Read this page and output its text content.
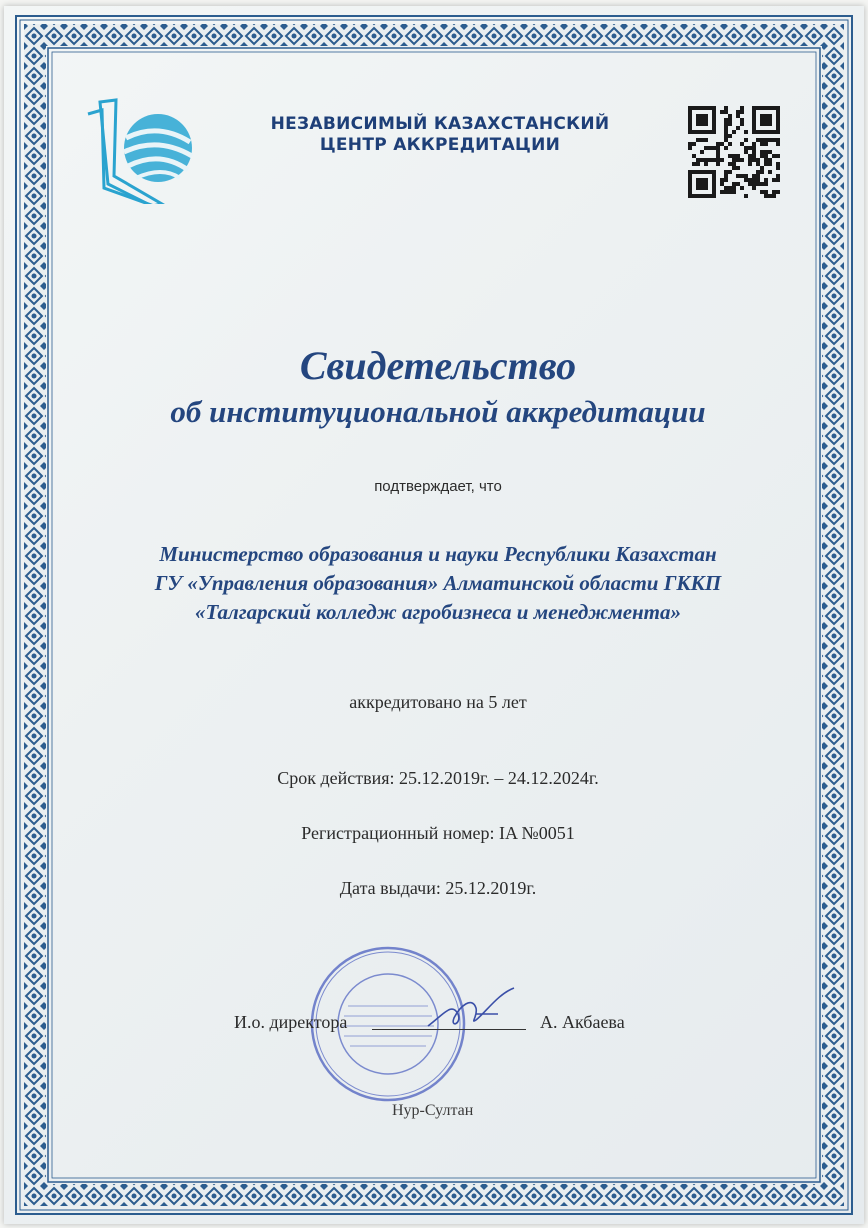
НЕЗАВИСИМЫЙ КАЗАХСТАНСКИЙ
ЦЕНТР АККРЕДИТАЦИИ
Свидетельство
об институциональной аккредитации
подтверждает, что
Министерство образования и науки Республики Казахстан
ГУ «Управления образования» Алматинской области ГККП
«Талгарский колледж агробизнеса и менеджмента»
аккредитовано на 5 лет
Срок действия: 25.12.2019г. – 24.12.2024г.
Регистрационный номер: IA №0051
Дата выдачи: 25.12.2019г.
И.о. директора	А. Акбаева
Нур-Султан
